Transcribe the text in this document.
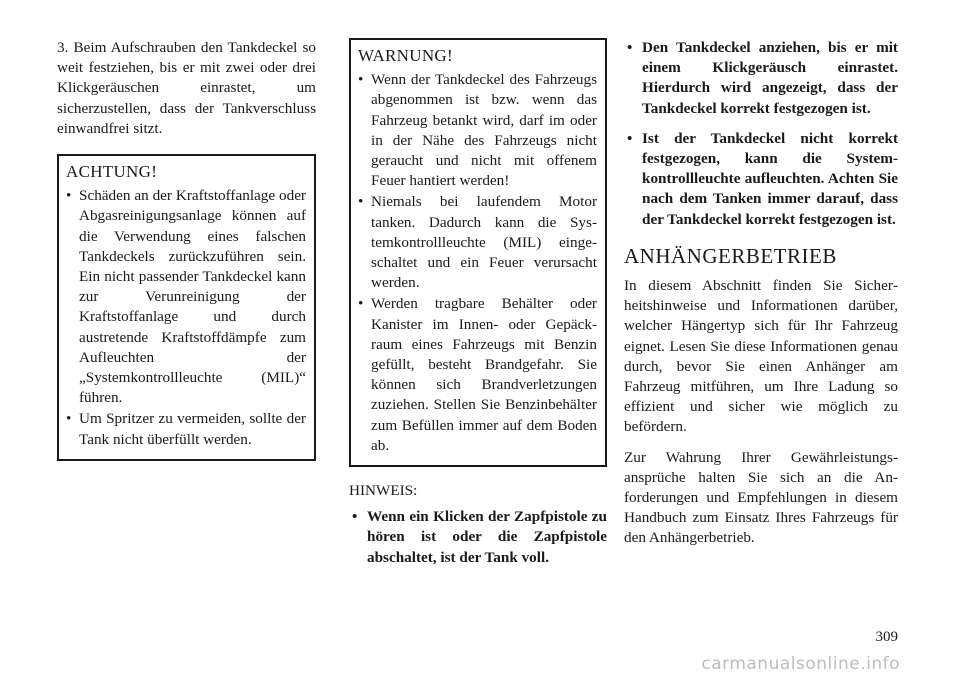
3. Beim Aufschrauben den Tankdeckel so weit festziehen, bis er mit zwei oder drei Klickgeräuschen einrastet, um sicherzustellen, dass der Tankverschluss einwandfrei sitzt.

ACHTUNG!
• Schäden an der Kraftstoffanlage oder Abgasreinigungsanlage können auf die Verwendung eines falschen Tankdeckels zurückzuführen sein. Ein nicht passender Tankdeckel kann zur Verunreinigung der Kraftstoffanlage und durch austretende Kraftstoffdämpfe zum Aufleuchten der „Systemkontrollleuchte (MIL)“ führen.
• Um Spritzer zu vermeiden, sollte der Tank nicht überfüllt werden.
WARNUNG!
• Wenn der Tankdeckel des Fahrzeugs abgenommen ist bzw. wenn das Fahrzeug betankt wird, darf im oder in der Nähe des Fahrzeugs nicht geraucht und nicht mit offenem Feuer hantiert werden!
• Niemals bei laufendem Motor tanken. Dadurch kann die Systemkontrollleuchte (MIL) eingeschaltet und ein Feuer verursacht werden.
• Werden tragbare Behälter oder Kanister im Innen- oder Gepäckraum eines Fahrzeugs mit Benzin gefüllt, besteht Brandgefahr. Sie können sich Brandverletzungen zuziehen. Stellen Sie Benzinbehälter zum Befüllen immer auf dem Boden ab.

HINWEIS:

• Wenn ein Klicken der Zapfpistole zu hören ist oder die Zapfpistole abschaltet, ist der Tank voll.
• Den Tankdeckel anziehen, bis er mit einem Klickgeräusch einrastet. Hierdurch wird angezeigt, dass der Tankdeckel korrekt festgezogen ist.
• Ist der Tankdeckel nicht korrekt festgezogen, kann die Systemkontrollleuchte aufleuchten. Achten Sie nach dem Tanken immer darauf, dass der Tankdeckel korrekt festgezogen ist.
ANHÄNGERBETRIEB

In diesem Abschnitt finden Sie Sicherheitshinweise und Informationen darüber, welcher Hängertyp sich für Ihr Fahrzeug eignet. Lesen Sie diese Informationen genau durch, bevor Sie einen Anhänger am Fahrzeug mitführen, um Ihre Ladung so effizient und sicher wie möglich zu befördern.

Zur Wahrung Ihrer Gewährleistungsansprüche halten Sie sich an die Anforderungen und Empfehlungen in diesem Handbuch zum Einsatz Ihres Fahrzeugs für den Anhängerbetrieb.

309
carmanualsonline.info
